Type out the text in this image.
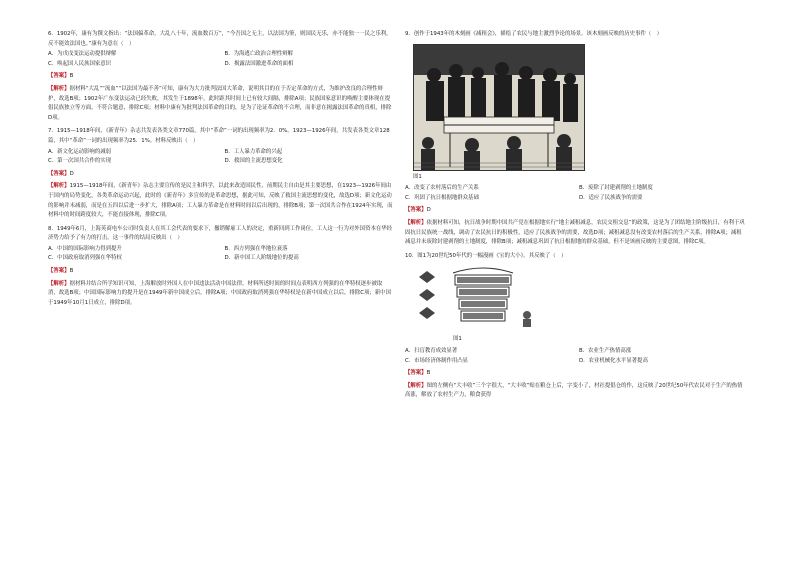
6．1902年，康有为撰文指出：“法国偏革命，大乱八十年，流血数百万”，“今吾国之无主，以法国为鉴，则国民无乐，亦不能独一一民之乐利，反不能效法国也。”康有为意在（　）

A．为戊戌变法运动提供辩解	B．为海逃亡政治合理性辩解

C．唤起国人民族国家意识	D．揭露法国激进革命的面相

【答案】B

【解析】据材料“大乱”“流血”“以法国为最不善”可知，康有为大力批判法国大革命，说明其目的在于否定革命的方式，为维护改良的合理性辩护，故选B项；1902年广东变法运动已经失败，其发生于1898年，此时距其时间上已有较大间隔，排除A项；民族国家意识的唤醒主要体现在提倡民族独立等方面，不符合题意，排除C项；材料中康有为批判法国革命的目的，是为了论证革命的不合理，而非意在揭露法国革命的真相，排除D项。

7．1915—1918年间，《新青年》杂志共发表各类文章770篇，其中“革命”一词的出现频率为2．0%。1923—1926年间，共发表各类文章128篇，其中“革命”一词的出现频率为25．1%。材料反映出（　）

A．新文化运动影响的减弱	B．工人暴力革命的兴起

C．第一次国共合作的实现	D．救国的主流思想变化

【答案】D

【解析】1915—1918年间，《新青年》杂志主要宣传的是民主和科学，以此来改造国民性，前期民主自由是其主要思想，在1923—1926年间由于国内的局势变化，各类革命运动兴起，此时的《新青年》多宣传的是革命思想，据此可知，反映了救国主流思想的变化，故选D项；新文化运动的影响并未减弱，而是在五四以后进一步扩大，排除A项；工人暴力革命是在材料时间以后出现的，排除B项；第一次国共合作在1924年实现，而材料中的时间跨度较大，不能直接体现，排除C项。

8．1949年6月，上海英商电车公司时负责人在其工会代表的要求下，撤销解雇工人的决定，重新回到工作岗位，工人这一行为对外国资本在华经济势力给予了有力的打击。这一事件的结局反映出（　）

A．中国的国际影响力得到提升	B．西方列强在华地位衰落

C．中国政府取消列强在华特权	D．新中国工人阶级地位的提高

【答案】B

【解析】据材料并结合所学知识可知，上海解放时外国人在中国违法活动中国法律，材料所述时间的时间点表明西方列强的在华特权逐步被取消，故选B项；中国国际影响力的提升是在1949年新中国成立后，排除A项；中国政府取消列强在华特权是在新中国成立以后，排除C项；新中国于1949年10月1日成立，排除D项。

9．创作于1943年的木刻画《减租会》，描绘了农民与地主激烈争论的场景。该木刻画反映的历史事件（　）

图1

A．改变了农村落后的生产关系	B．废除了封建剥削的土地制度

C．巩固了抗日根据地群众基础	D．适应了民族战争的需要

【答案】D

【解析】依据材料可知，抗日战争时期中国共产党在根据地实行“地主减租减息，农民交租交息”的政策，这是为了团结地主阶级抗日，有利于巩固抗日民族统一战线，调动了农民抗日的积极性，适应了民族战争的需要，故选D项；减租减息没有改变农村落后的生产关系，排除A项；减租减息并未废除封建剥削的土地制度，排除B项；减租减息巩固了抗日根据地的群众基础，但不是该画反映的主要意图，排除C项。

10．图1为20世纪50年代的一幅漫画《宝的大小》。其反映了（　）

图1

A．扫盲教育成效显著	B．农业生产热情高涨

C．市场经济体制作用凸显	D．农业机械化水平显著提高

【答案】B

【解析】图的左侧有“大丰收”三个字很大，“大丰收”贴在粮仓上后，字变小了，村社提倡仓的作，这反映了20世纪50年代农民对于生产的热情高涨，解放了农村生产力，粮食获得
